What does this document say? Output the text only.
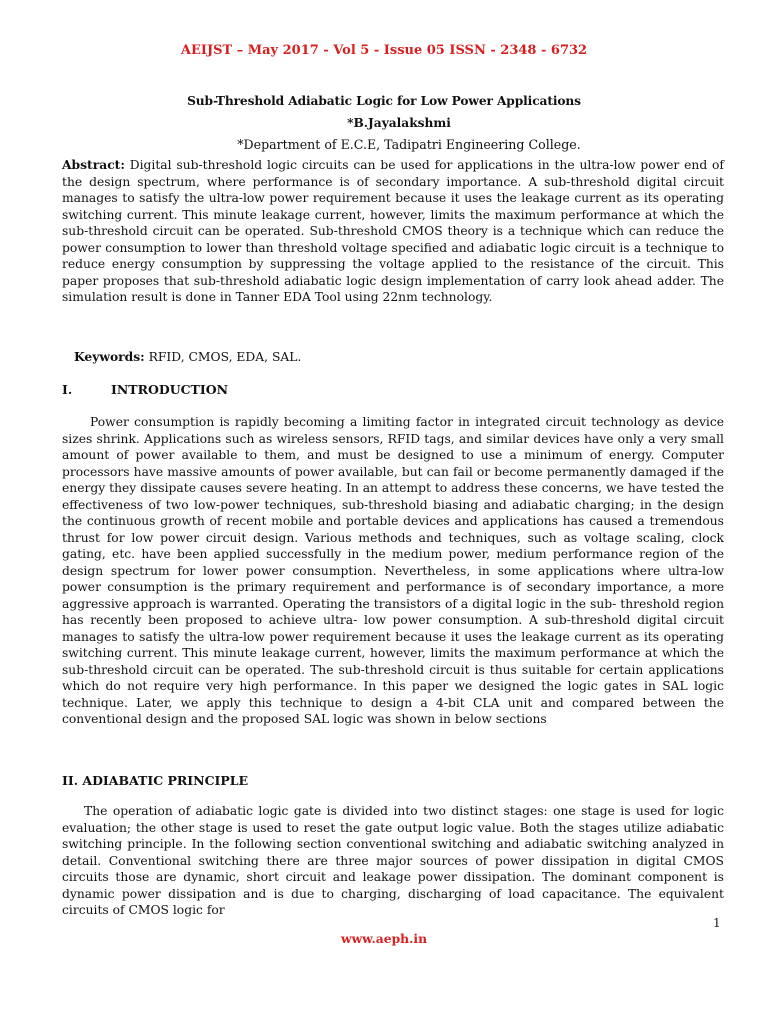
AEIJST – May 2017 - Vol 5 - Issue 05 ISSN - 2348 - 6732
Sub-Threshold Adiabatic Logic for Low Power Applications
*B.Jayalakshmi
*Department of E.C.E, Tadipatri Engineering College.
Abstract: Digital sub-threshold logic circuits can be used for applications in the ultra-low power end of the design spectrum, where performance is of secondary importance. A sub-threshold digital circuit manages to satisfy the ultra-low power requirement because it uses the leakage current as its operating switching current. This minute leakage current, however, limits the maximum performance at which the sub-threshold circuit can be operated. Sub-threshold CMOS theory is a technique which can reduce the power consumption to lower than threshold voltage specified and adiabatic logic circuit is a technique to reduce energy consumption by suppressing the voltage applied to the resistance of the circuit. This paper proposes that sub-threshold adiabatic logic design implementation of carry look ahead adder. The simulation result is done in Tanner EDA Tool using 22nm technology.
Keywords: RFID, CMOS, EDA, SAL.
I.	INTRODUCTION
Power consumption is rapidly becoming a limiting factor in integrated circuit technology as device sizes shrink. Applications such as wireless sensors, RFID tags, and similar devices have only a very small amount of power available to them, and must be designed to use a minimum of energy. Computer processors have massive amounts of power available, but can fail or become permanently damaged if the energy they dissipate causes severe heating. In an attempt to address these concerns, we have tested the effectiveness of two low-power techniques, sub-threshold biasing and adiabatic charging; in the design the continuous growth of recent mobile and portable devices and applications has caused a tremendous thrust for low power circuit design. Various methods and techniques, such as voltage scaling, clock gating, etc. have been applied successfully in the medium power, medium performance region of the design spectrum for lower power consumption. Nevertheless, in some applications where ultra-low power consumption is the primary requirement and performance is of secondary importance, a more aggressive approach is warranted. Operating the transistors of a digital logic in the sub- threshold region has recently been proposed to achieve ultra- low power consumption. A sub-threshold digital circuit manages to satisfy the ultra-low power requirement because it uses the leakage current as its operating switching current. This minute leakage current, however, limits the maximum performance at which the sub-threshold circuit can be operated. The sub-threshold circuit is thus suitable for certain applications which do not require very high performance. In this paper we designed the logic gates in SAL logic technique. Later, we apply this technique to design a 4-bit CLA unit and compared between the conventional design and the proposed SAL logic was shown in below sections
II. ADIABATIC PRINCIPLE
The operation of adiabatic logic gate is divided into two distinct stages: one stage is used for logic evaluation; the other stage is used to reset the gate output logic value. Both the stages utilize adiabatic switching principle. In the following section conventional switching and adiabatic switching analyzed in detail. Conventional switching there are three major sources of power dissipation in digital CMOS circuits those are dynamic, short circuit and leakage power dissipation. The dominant component is dynamic power dissipation and is due to charging, discharging of load capacitance. The equivalent circuits of CMOS logic for
1
www.aeph.in
